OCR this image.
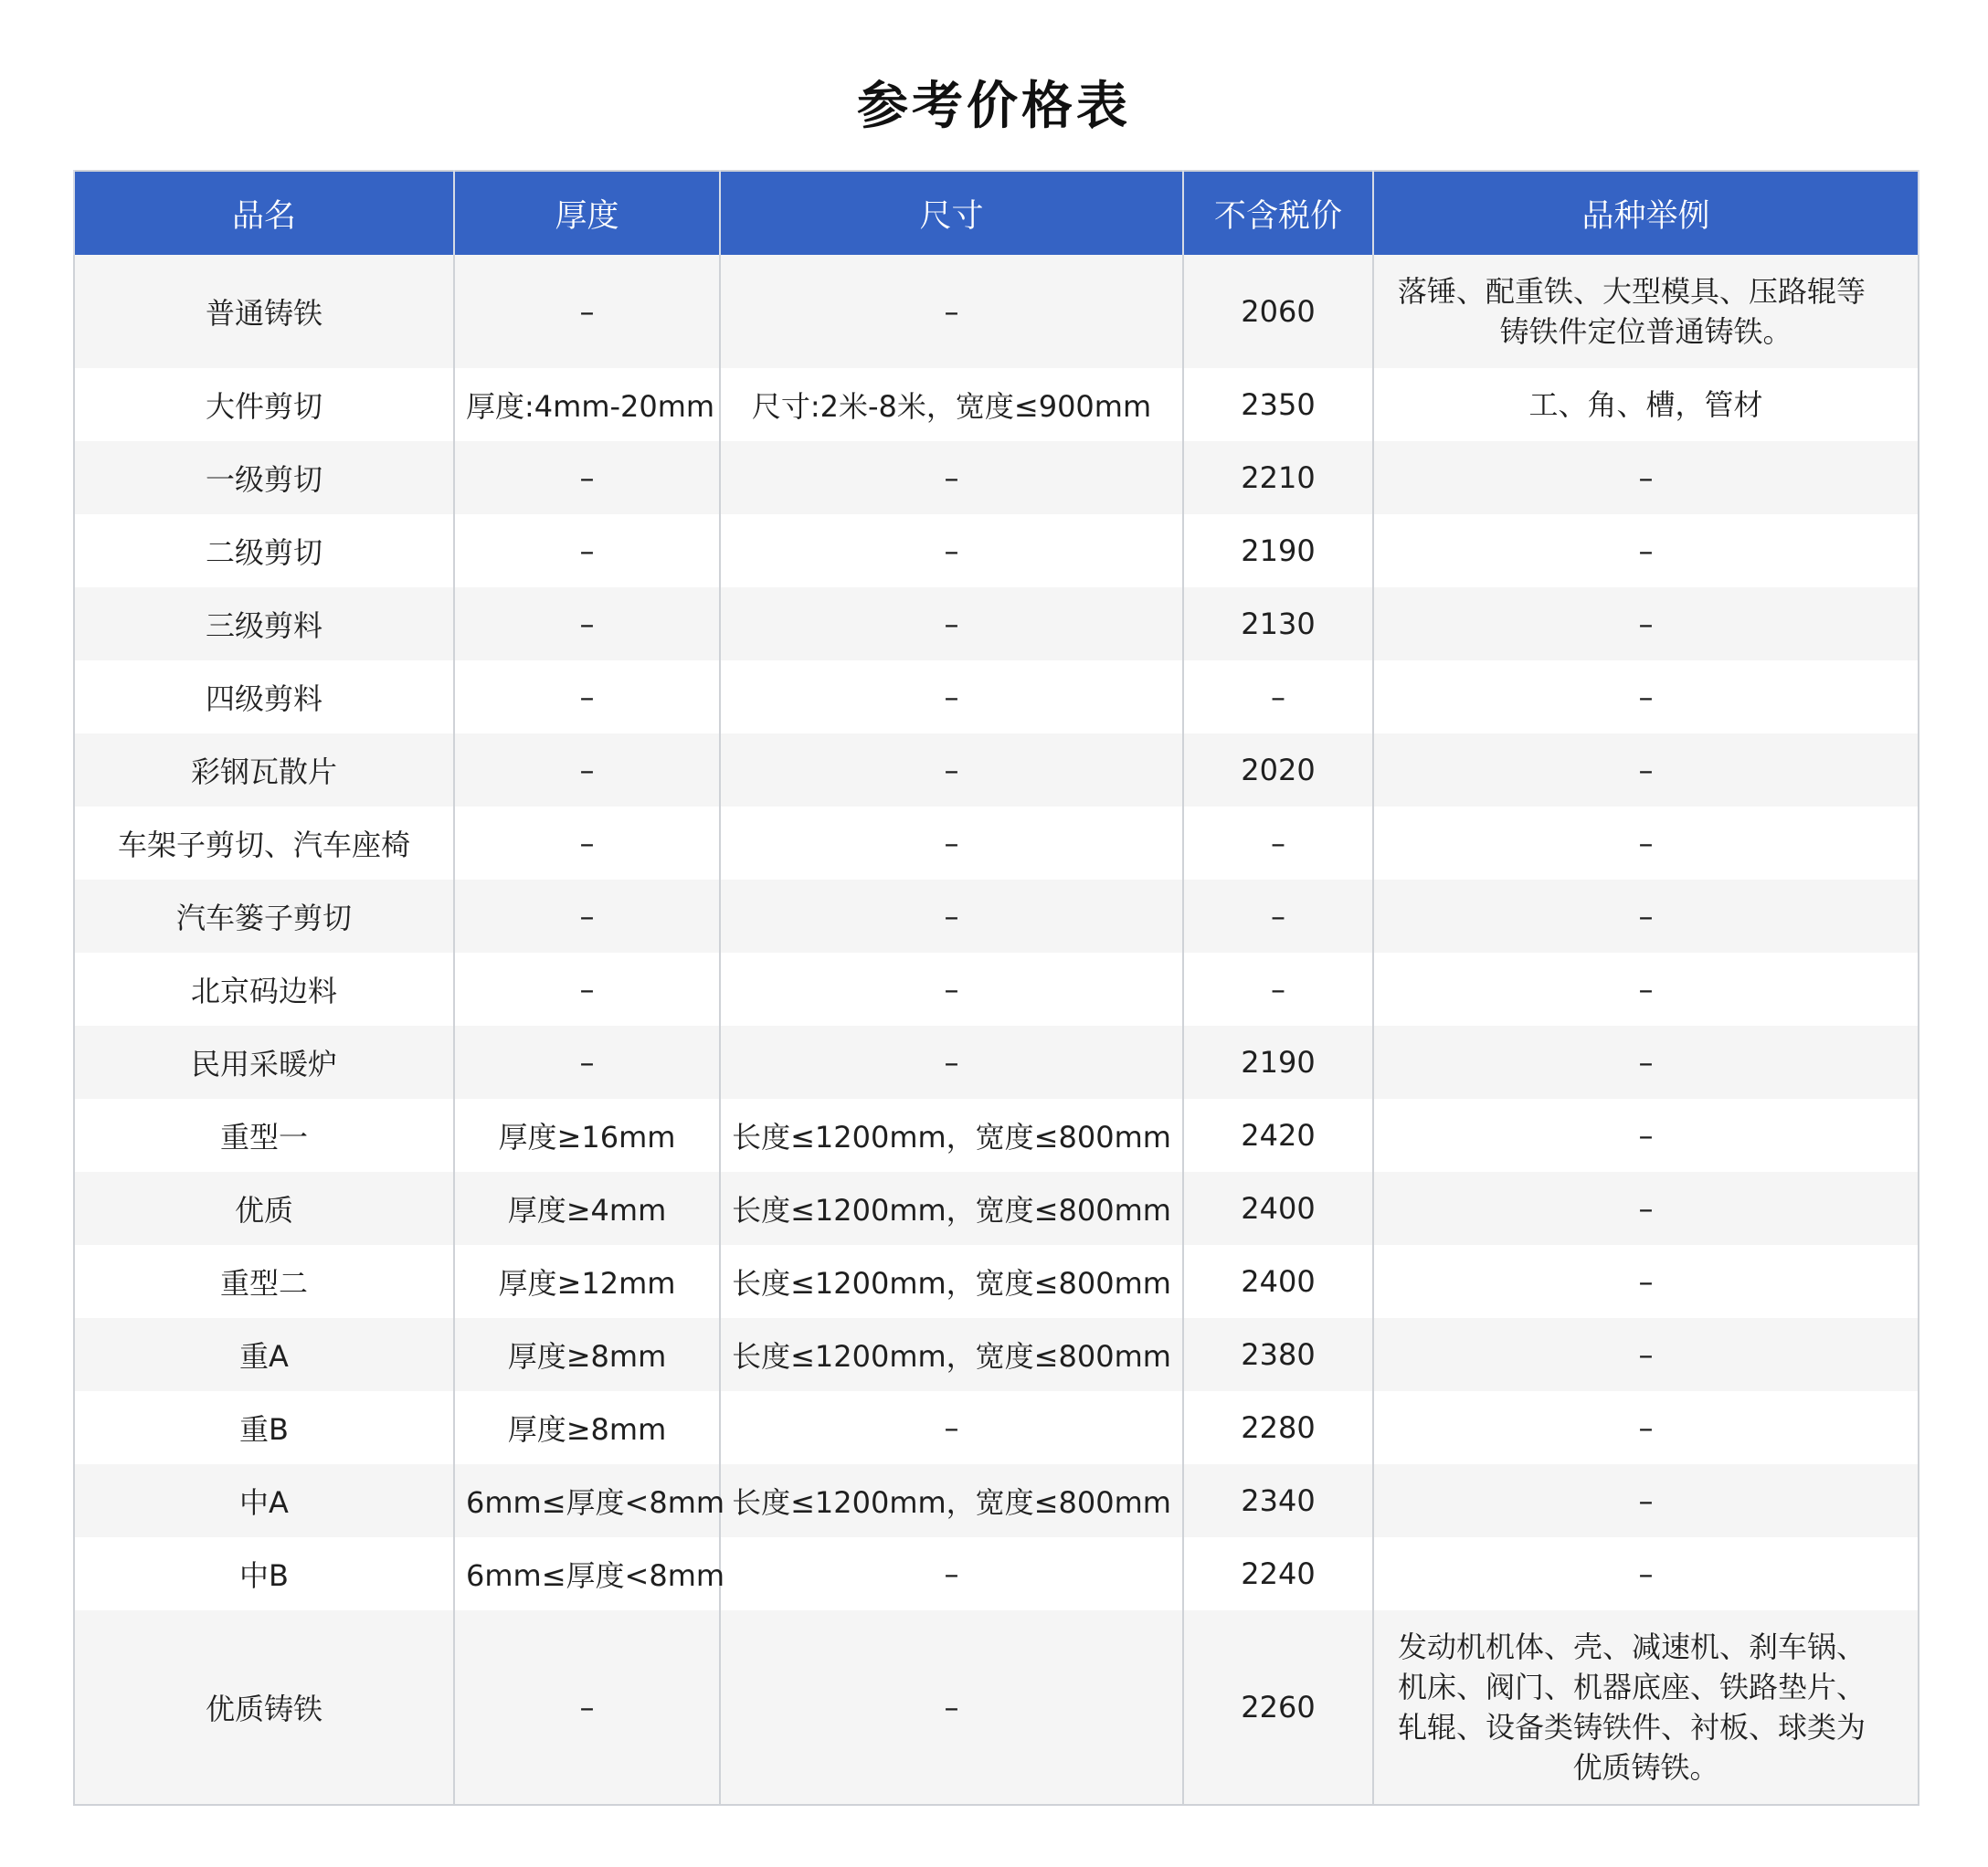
参考价格表
品名	厚度	尺寸	不含税价	品种举例
普通铸铁	–	–	2060	落锤、配重铁、大型模具、压路辊等铸铁件定位普通铸铁。
大件剪切	厚度:4mm-20mm	尺寸:2米-8米，宽度≤900mm	2350	工、角、槽，管材
一级剪切	–	–	2210	–
二级剪切	–	–	2190	–
三级剪料	–	–	2130	–
四级剪料	–	–	–	–
彩钢瓦散片	–	–	2020	–
车架子剪切、汽车座椅	–	–	–	–
汽车篓子剪切	–	–	–	–
北京码边料	–	–	–	–
民用采暖炉	–	–	2190	–
重型一	厚度≥16mm	长度≤1200mm，宽度≤800mm	2420	–
优质	厚度≥4mm	长度≤1200mm，宽度≤800mm	2400	–
重型二	厚度≥12mm	长度≤1200mm，宽度≤800mm	2400	–
重A	厚度≥8mm	长度≤1200mm，宽度≤800mm	2380	–
重B	厚度≥8mm	–	2280	–
中A	6mm≤厚度<8mm	长度≤1200mm，宽度≤800mm	2340	–
中B	6mm≤厚度<8mm	–	2240	–
优质铸铁	–	–	2260	发动机机体、壳、减速机、刹车锅、机床、阀门、机器底座、铁路垫片、轧辊、设备类铸铁件、衬板、球类为优质铸铁。
